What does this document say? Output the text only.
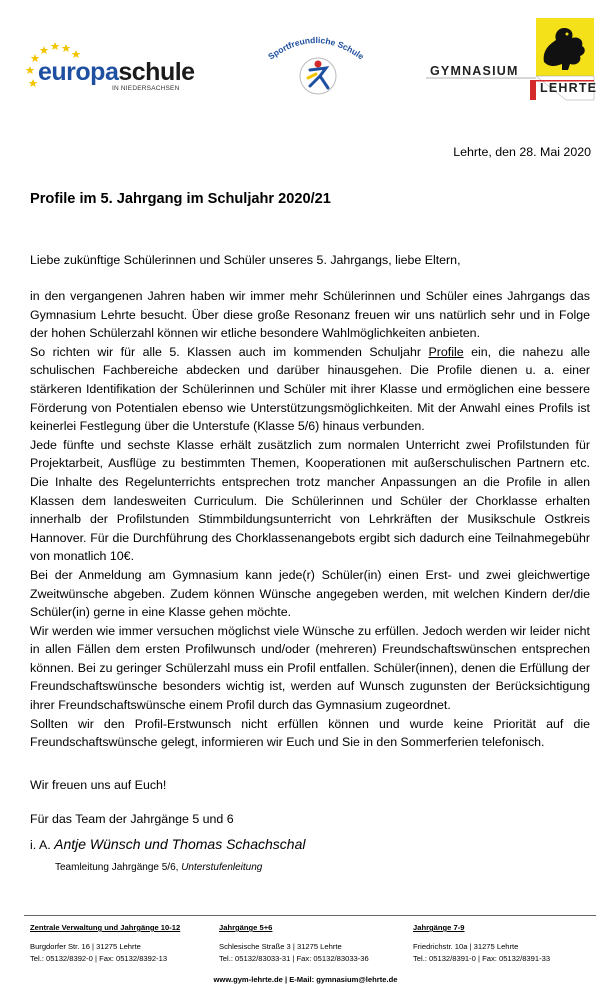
europaschule
IN NIEDERSACHSEN
Sportfreundliche Schule
GYMNASIUM
LEHRTE
Lehrte, den 28. Mai 2020
Profile im 5. Jahrgang im Schuljahr 2020/21
Liebe zukünftige Schülerinnen und Schüler unseres 5. Jahrgangs, liebe Eltern,

in den vergangenen Jahren haben wir immer mehr Schülerinnen und Schüler eines Jahrgangs das Gymnasium Lehrte besucht. Über diese große Resonanz freuen wir uns natürlich sehr und in Folge der hohen Schülerzahl können wir etliche besondere Wahlmöglichkeiten anbieten.

So richten wir für alle 5. Klassen auch im kommenden Schuljahr Profile ein, die nahezu alle schulischen Fachbereiche abdecken und darüber hinausgehen. Die Profile dienen u. a. einer stärkeren Identifikation der Schülerinnen und Schüler mit ihrer Klasse und ermöglichen eine bessere Förderung von Potentialen ebenso wie Unterstützungsmöglichkeiten. Mit der Anwahl eines Profils ist keinerlei Festlegung über die Unterstufe (Klasse 5/6) hinaus verbunden.

Jede fünfte und sechste Klasse erhält zusätzlich zum normalen Unterricht zwei Profilstunden für Projektarbeit, Ausflüge zu bestimmten Themen, Kooperationen mit außerschulischen Partnern etc. Die Inhalte des Regelunterrichts entsprechen trotz mancher Anpassungen an die Profile in allen Klassen dem landesweiten Curriculum. Die Schülerinnen und Schüler der Chorklasse erhalten innerhalb der Profilstunden Stimmbildungsunterricht von Lehrkräften der Musikschule Ostkreis Hannover. Für die Durchführung des Chorklassenangebots ergibt sich dadurch eine Teilnahmegebühr von monatlich 10€.

Bei der Anmeldung am Gymnasium kann jede(r) Schüler(in) einen Erst- und zwei gleichwertige Zweitwünsche abgeben. Zudem können Wünsche angegeben werden, mit welchen Kindern der/die Schüler(in) gerne in eine Klasse gehen möchte.

Wir werden wie immer versuchen möglichst viele Wünsche zu erfüllen. Jedoch werden wir leider nicht in allen Fällen dem ersten Profilwunsch und/oder (mehreren) Freundschaftswünschen entsprechen können. Bei zu geringer Schülerzahl muss ein Profil entfallen. Schüler(innen), denen die Erfüllung der Freundschaftswünsche besonders wichtig ist, werden auf Wunsch zugunsten der Berücksichtigung ihrer Freundschaftswünsche einem Profil durch das Gymnasium zugeordnet.

Sollten wir den Profil-Erstwunsch nicht erfüllen können und wurde keine Priorität auf die Freundschaftswünsche gelegt, informieren wir Euch und Sie in den Sommerferien telefonisch.

Wir freuen uns auf Euch!
Für das Team der Jahrgänge 5 und 6
i. A. Antje Wünsch und Thomas Schachschal
Teamleitung Jahrgänge 5/6, Unterstufenleitung
Zentrale Verwaltung und Jahrgänge 10-12
Burgdorfer Str. 16 | 31275 Lehrte
Tel.: 05132/8392-0 | Fax: 05132/8392-13
Jahrgänge 5+6
Schlesische Straße 3 | 31275 Lehrte
Tel.: 05132/83033-31 | Fax: 05132/83033-36
Jahrgänge 7-9
Friedrichstr. 10a | 31275 Lehrte
Tel.: 05132/8391-0 | Fax: 05132/8391-33
www.gym-lehrte.de | E-Mail: gymnasium@lehrte.de
